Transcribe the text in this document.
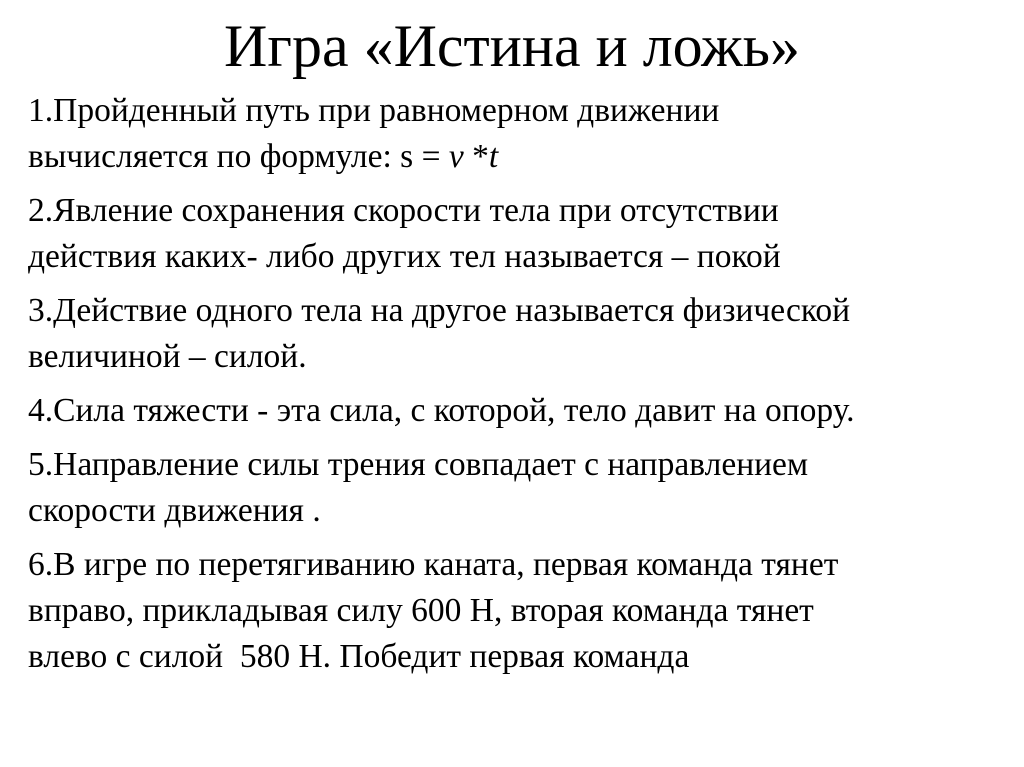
Игра «Истина и ложь»
1.Пройденный путь при равномерном движении
вычисляется по формуле: s = v *t
2.Явление сохранения скорости тела при отсутствии
действия каких- либо других тел называется – покой
3.Действие одного тела на другое называется физической
величиной – силой.
4.Сила тяжести - эта сила, с которой, тело давит на опору.
5.Направление силы трения совпадает с направлением
скорости движения .
6.В игре по перетягиванию каната, первая команда тянет
вправо, прикладывая силу 600 Н, вторая команда тянет
влево с силой  580 Н. Победит первая команда
